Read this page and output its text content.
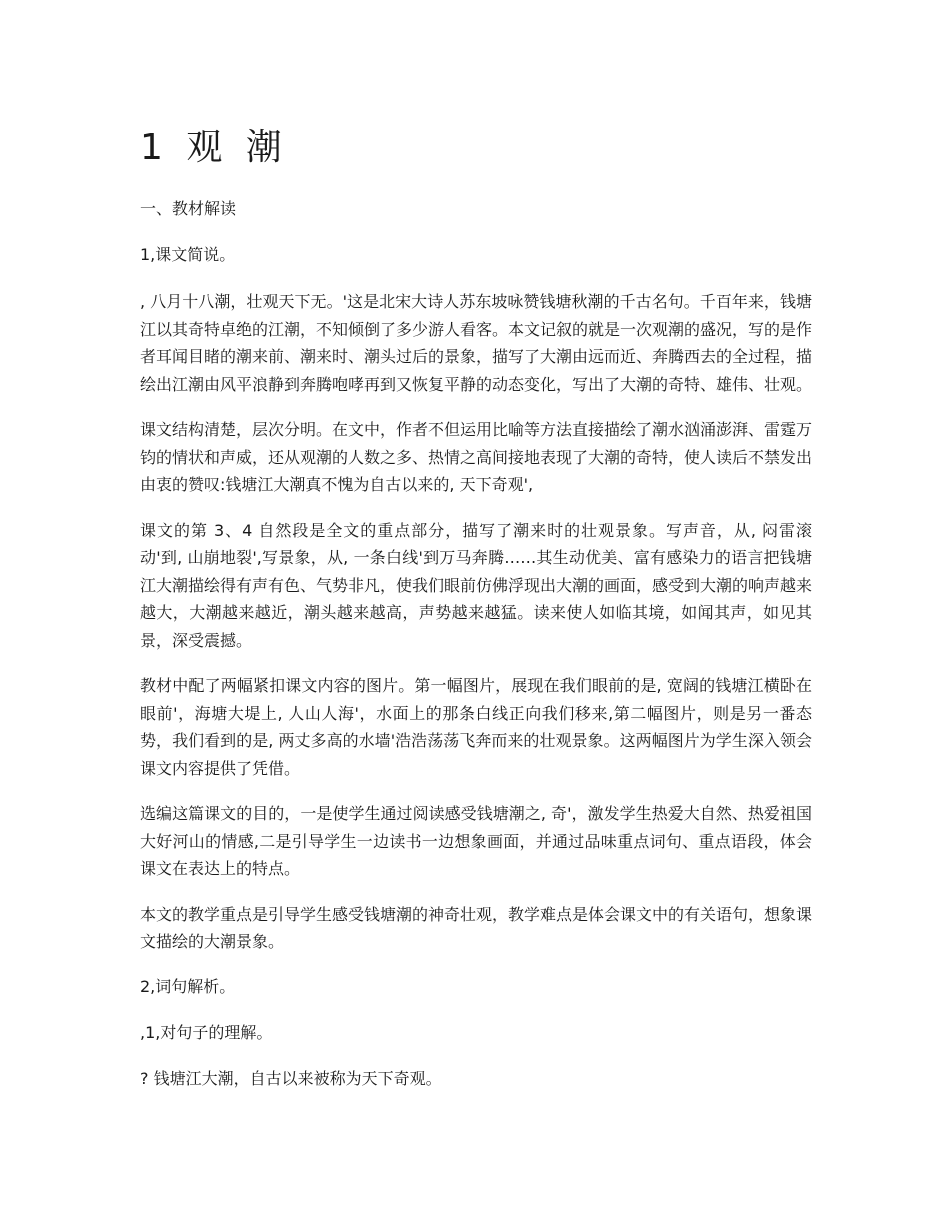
1 观 潮

一、教材解读

1,课文简说。

, 八月十八潮，壮观天下无。'这是北宋大诗人苏东坡咏赞钱塘秋潮的千古名句。千百年来，钱塘江以其奇特卓绝的江潮，不知倾倒了多少游人看客。本文记叙的就是一次观潮的盛况，写的是作者耳闻目睹的潮来前、潮来时、潮头过后的景象，描写了大潮由远而近、奔腾西去的全过程，描绘出江潮由风平浪静到奔腾咆哮再到又恢复平静的动态变化，写出了大潮的奇特、雄伟、壮观。

课文结构清楚，层次分明。在文中，作者不但运用比喻等方法直接描绘了潮水汹涌澎湃、雷霆万钧的情状和声威，还从观潮的人数之多、热情之高间接地表现了大潮的奇特，使人读后不禁发出由衷的赞叹:钱塘江大潮真不愧为自古以来的, 天下奇观',

课文的第 3、4 自然段是全文的重点部分，描写了潮来时的壮观景象。写声音，从, 闷雷滚动'到, 山崩地裂',写景象，从, 一条白线'到万马奔腾……其生动优美、富有感染力的语言把钱塘江大潮描绘得有声有色、气势非凡，使我们眼前仿佛浮现出大潮的画面，感受到大潮的响声越来越大，大潮越来越近，潮头越来越高，声势越来越猛。读来使人如临其境，如闻其声，如见其景，深受震撼。

教材中配了两幅紧扣课文内容的图片。第一幅图片，展现在我们眼前的是, 宽阔的钱塘江横卧在眼前'，海塘大堤上, 人山人海'，水面上的那条白线正向我们移来,第二幅图片，则是另一番态势，我们看到的是, 两丈多高的水墙'浩浩荡荡飞奔而来的壮观景象。这两幅图片为学生深入领会课文内容提供了凭借。

选编这篇课文的目的，一是使学生通过阅读感受钱塘潮之, 奇'，激发学生热爱大自然、热爱祖国大好河山的情感,二是引导学生一边读书一边想象画面，并通过品味重点词句、重点语段，体会课文在表达上的特点。

本文的教学重点是引导学生感受钱塘潮的神奇壮观，教学难点是体会课文中的有关语句，想象课文描绘的大潮景象。

2,词句解析。

,1,对句子的理解。

? 钱塘江大潮，自古以来被称为天下奇观。
